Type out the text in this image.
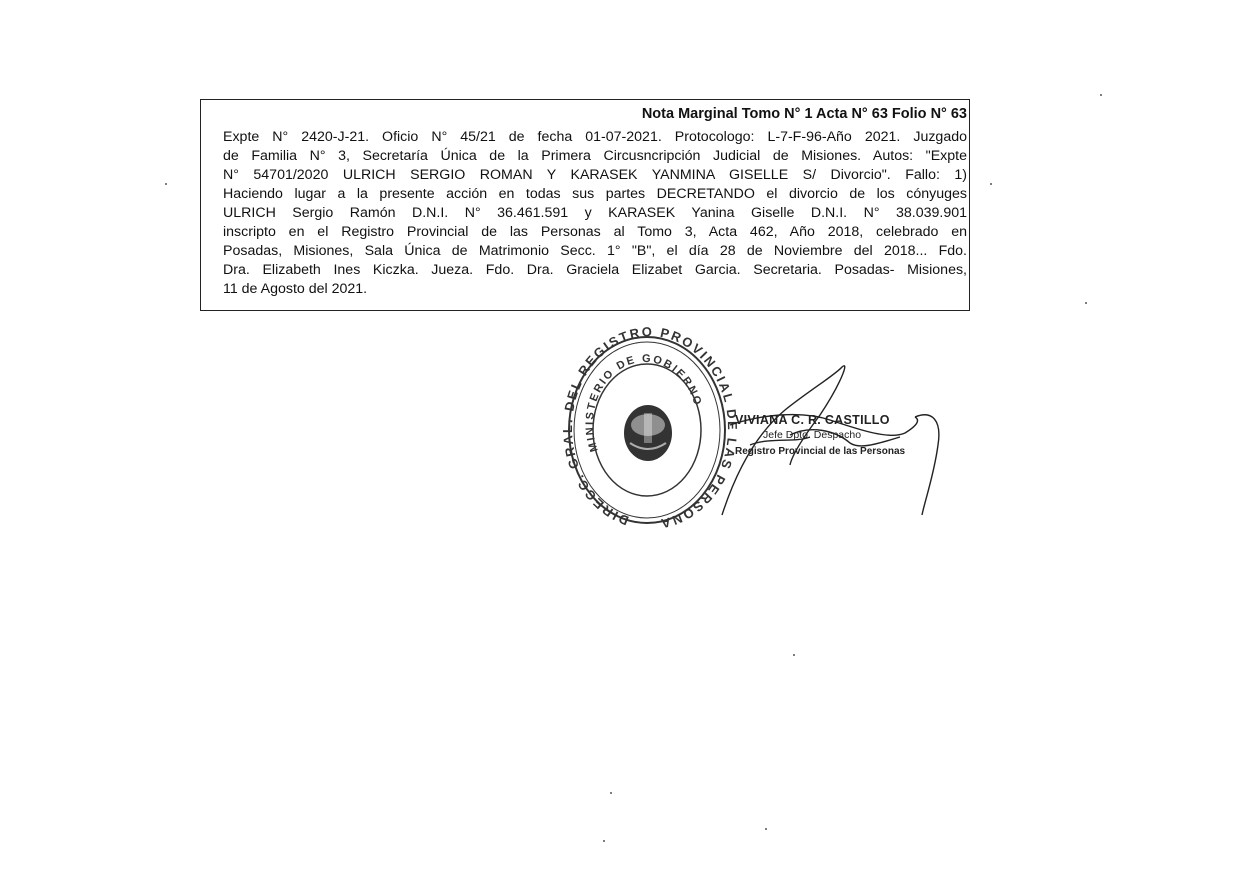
Nota Marginal Tomo N° 1 Acta N° 63 Folio N° 63
Expte N° 2420-J-21. Oficio N° 45/21 de fecha 01-07-2021. Protocologo: L-7-F-96-Año 2021. Juzgado
de Familia N° 3, Secretaría Única de la Primera Circusncripción Judicial de Misiones. Autos: "Expte
N° 54701/2020 ULRICH SERGIO ROMAN Y KARASEK YANMINA GISELLE S/ Divorcio". Fallo: 1)
Haciendo lugar a la presente acción en todas sus partes DECRETANDO el divorcio de los cónyuges
ULRICH Sergio Ramón D.N.I. N° 36.461.591 y KARASEK Yanina Giselle D.N.I. N° 38.039.901
inscripto en el Registro Provincial de las Personas al Tomo 3, Acta 462, Año 2018, celebrado en
Posadas, Misiones, Sala Única de Matrimonio Secc. 1° "B", el día 28 de Noviembre del 2018... Fdo.
Dra. Elizabeth Ines Kiczka. Jueza. Fdo. Dra. Graciela Elizabet Garcia. Secretaria. Posadas- Misiones,
11 de Agosto del 2021.
DIRECC. GRAL. DEL REGISTRO PROVINCIAL DE LAS PERSONA
MINISTERIO DE GOBIERNO
VIVIANA C. R. CASTILLO
Jefe Dpto. Despacho
Registro Provincial de las Personas
